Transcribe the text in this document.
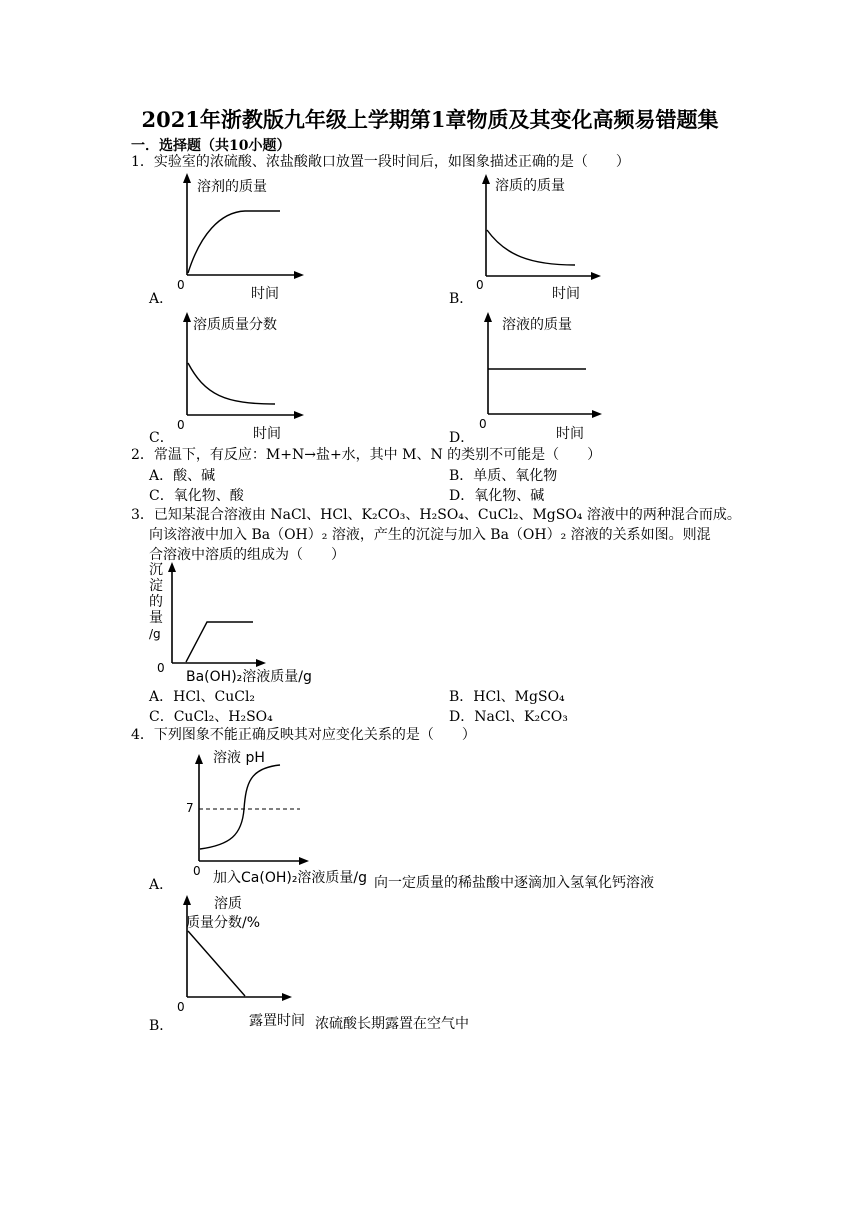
2021年浙教版九年级上学期第1章物质及其变化高频易错题集
一．选择题（共10小题）
1．实验室的浓硫酸、浓盐酸敞口放置一段时间后，如图象描述正确的是（　　）
溶剂的质量
时间
0
A．
溶质的质量
时间
0
B．
溶质质量分数
时间
0
C．
溶液的质量
时间
0
D．
2．常温下，有反应：M+N→盐+水，其中 M、N 的类别不可能是（　　）
A．酸、碱	B．单质、氧化物
C．氧化物、酸	D．氧化物、碱
3．已知某混合溶液由 NaCl、HCl、K₂CO₃、H₂SO₄、CuCl₂、MgSO₄ 溶液中的两种混合而成。
向该溶液中加入 Ba（OH）₂ 溶液，产生的沉淀与加入 Ba（OH）₂ 溶液的关系如图。则混
合溶液中溶质的组成为（　　）
沉
淀
的
量
/g
0
Ba(OH)₂溶液质量/g
A．HCl、CuCl₂	B．HCl、MgSO₄
C．CuCl₂、H₂SO₄	D．NaCl、K₂CO₃
4．下列图象不能正确反映其对应变化关系的是（　　）
溶液 pH
7
0 加入Ca(OH)₂溶液质量/g
A．	向一定质量的稀盐酸中逐滴加入氢氧化钙溶液
溶质
质量分数/%
0
露置时间
B．	浓硫酸长期露置在空气中
